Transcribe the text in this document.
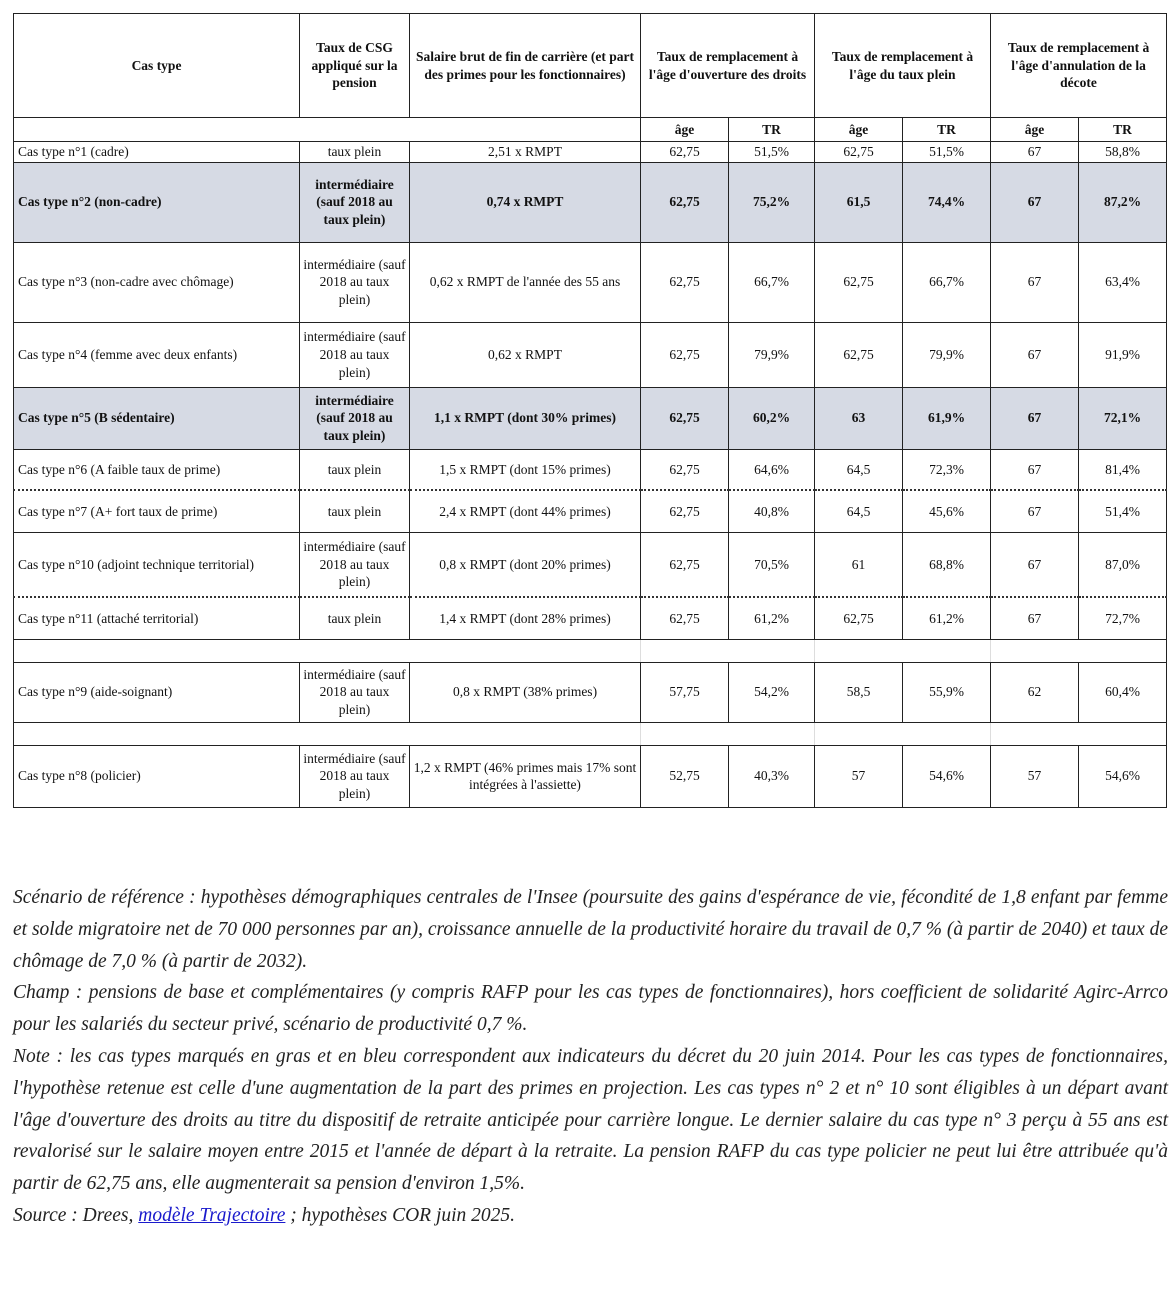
Cas type	Taux de CSG appliqué sur la pension	Salaire brut de fin de carrière (et part des primes pour les fonctionnaires)	Taux de remplacement à l'âge d'ouverture des droits		Taux de remplacement à l'âge du taux plein		Taux de remplacement à l'âge d'annulation de la décote	
			âge	TR	âge	TR	âge	TR
Cas type n°1 (cadre)	taux plein	2,51 x RMPT	62,75	51,5%	62,75	51,5%	67	58,8%
Cas type n°2 (non-cadre)	intermédiaire (sauf 2018 au taux plein)	0,74 x RMPT	62,75	75,2%	61,5	74,4%	67	87,2%
Cas type n°3 (non-cadre avec chômage)	intermédiaire (sauf 2018 au taux plein)	0,62 x RMPT de l'année des 55 ans	62,75	66,7%	62,75	66,7%	67	63,4%
Cas type n°4 (femme avec deux enfants)	intermédiaire (sauf 2018 au taux plein)	0,62 x RMPT	62,75	79,9%	62,75	79,9%	67	91,9%
Cas type n°5 (B sédentaire)	intermédiaire (sauf 2018 au taux plein)	1,1 x RMPT (dont 30% primes)	62,75	60,2%	63	61,9%	67	72,1%
Cas type n°6 (A faible taux de prime)	taux plein	1,5 x RMPT (dont 15% primes)	62,75	64,6%	64,5	72,3%	67	81,4%
Cas type n°7 (A+ fort taux de prime)	taux plein	2,4 x RMPT (dont 44% primes)	62,75	40,8%	64,5	45,6%	67	51,4%
Cas type n°10 (adjoint technique territorial)	intermédiaire (sauf 2018 au taux plein)	0,8 x RMPT (dont 20% primes)	62,75	70,5%	61	68,8%	67	87,0%
Cas type n°11 (attaché territorial)	taux plein	1,4 x RMPT (dont 28% primes)	62,75	61,2%	62,75	61,2%	67	72,7%

Cas type n°9 (aide-soignant)	intermédiaire (sauf 2018 au taux plein)	0,8 x RMPT (38% primes)	57,75	54,2%	58,5	55,9%	62	60,4%

Cas type n°8 (policier)	intermédiaire (sauf 2018 au taux plein)	1,2 x RMPT (46% primes mais 17% sont intégrées à l'assiette)	52,75	40,3%	57	54,6%	57	54,6%

Scénario de référence : hypothèses démographiques centrales de l'Insee (poursuite des gains d'espérance de vie, fécondité de 1,8 enfant par femme et solde migratoire net de 70 000 personnes par an), croissance annuelle de la productivité horaire du travail de 0,7 % (à partir de 2040) et taux de chômage de 7,0 % (à partir de 2032).

Champ : pensions de base et complémentaires (y compris RAFP pour les cas types de fonctionnaires), hors coefficient de solidarité Agirc-Arrco pour les salariés du secteur privé, scénario de productivité 0,7 %.

Note : les cas types marqués en gras et en bleu correspondent aux indicateurs du décret du 20 juin 2014. Pour les cas types de fonctionnaires, l'hypothèse retenue est celle d'une augmentation de la part des primes en projection. Les cas types n° 2 et n° 10 sont éligibles à un départ avant l'âge d'ouverture des droits au titre du dispositif de retraite anticipée pour carrière longue. Le dernier salaire du cas type n° 3 perçu à 55 ans est revalorisé sur le salaire moyen entre 2015 et l'année de départ à la retraite. La pension RAFP du cas type policier ne peut lui être attribuée qu'à partir de 62,75 ans, elle augmenterait sa pension d'environ 1,5%.

Source : Drees, modèle Trajectoire ; hypothèses COR juin 2025.
